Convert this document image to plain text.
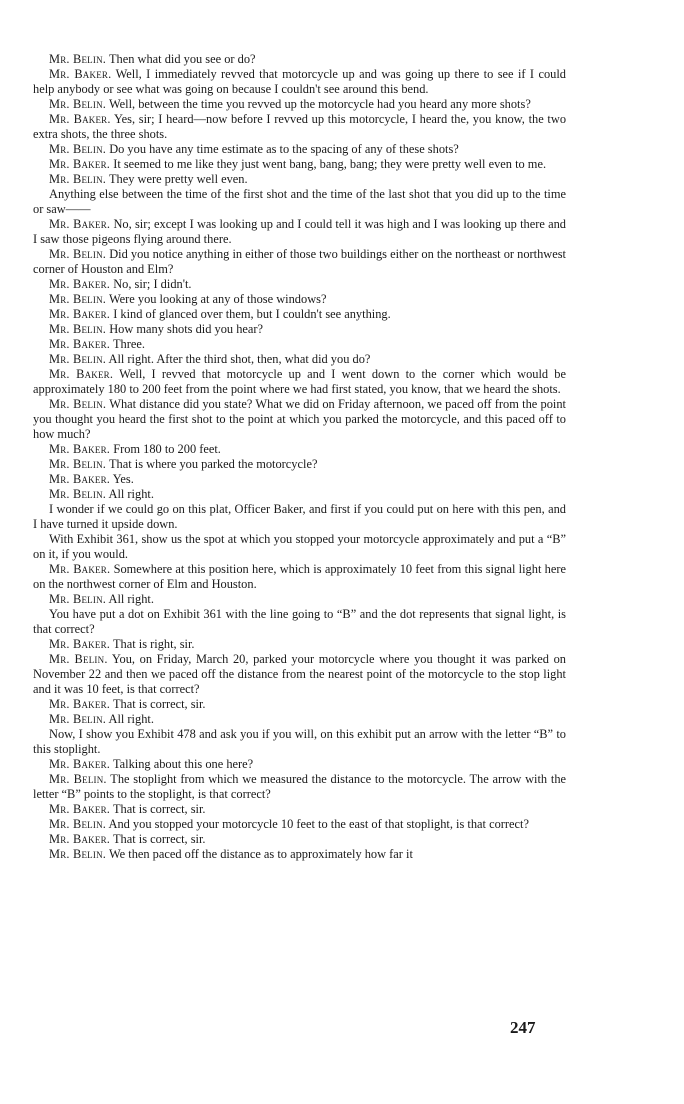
Mr. Belin. Then what did you see or do?

Mr. Baker. Well, I immediately revved that motorcycle up and was going up there to see if I could help anybody or see what was going on because I couldn't see around this bend.

Mr. Belin. Well, between the time you revved up the motorcycle had you heard any more shots?

Mr. Baker. Yes, sir; I heard—now before I revved up this motorcycle, I heard the, you know, the two extra shots, the three shots.

Mr. Belin. Do you have any time estimate as to the spacing of any of these shots?

Mr. Baker. It seemed to me like they just went bang, bang, bang; they were pretty well even to me.

Mr. Belin. They were pretty well even.

Anything else between the time of the first shot and the time of the last shot that you did up to the time or saw——

Mr. Baker. No, sir; except I was looking up and I could tell it was high and I was looking up there and I saw those pigeons flying around there.

Mr. Belin. Did you notice anything in either of those two buildings either on the northeast or northwest corner of Houston and Elm?

Mr. Baker. No, sir; I didn't.

Mr. Belin. Were you looking at any of those windows?

Mr. Baker. I kind of glanced over them, but I couldn't see anything.

Mr. Belin. How many shots did you hear?

Mr. Baker. Three.

Mr. Belin. All right. After the third shot, then, what did you do?

Mr. Baker. Well, I revved that motorcycle up and I went down to the corner which would be approximately 180 to 200 feet from the point where we had first stated, you know, that we heard the shots.

Mr. Belin. What distance did you state? What we did on Friday afternoon, we paced off from the point you thought you heard the first shot to the point at which you parked the motorcycle, and this paced off to how much?

Mr. Baker. From 180 to 200 feet.

Mr. Belin. That is where you parked the motorcycle?

Mr. Baker. Yes.

Mr. Belin. All right.

I wonder if we could go on this plat, Officer Baker, and first if you could put on here with this pen, and I have turned it upside down.

With Exhibit 361, show us the spot at which you stopped your motorcycle approximately and put a “B” on it, if you would.

Mr. Baker. Somewhere at this position here, which is approximately 10 feet from this signal light here on the northwest corner of Elm and Houston.

Mr. Belin. All right.

You have put a dot on Exhibit 361 with the line going to “B” and the dot represents that signal light, is that correct?

Mr. Baker. That is right, sir.

Mr. Belin. You, on Friday, March 20, parked your motorcycle where you thought it was parked on November 22 and then we paced off the distance from the nearest point of the motorcycle to the stop light and it was 10 feet, is that correct?

Mr. Baker. That is correct, sir.

Mr. Belin. All right.

Now, I show you Exhibit 478 and ask you if you will, on this exhibit put an arrow with the letter “B” to this stoplight.

Mr. Baker. Talking about this one here?

Mr. Belin. The stoplight from which we measured the distance to the motorcycle. The arrow with the letter “B” points to the stoplight, is that correct?

Mr. Baker. That is correct, sir.

Mr. Belin. And you stopped your motorcycle 10 feet to the east of that stoplight, is that correct?

Mr. Baker. That is correct, sir.

Mr. Belin. We then paced off the distance as to approximately how far it

247
